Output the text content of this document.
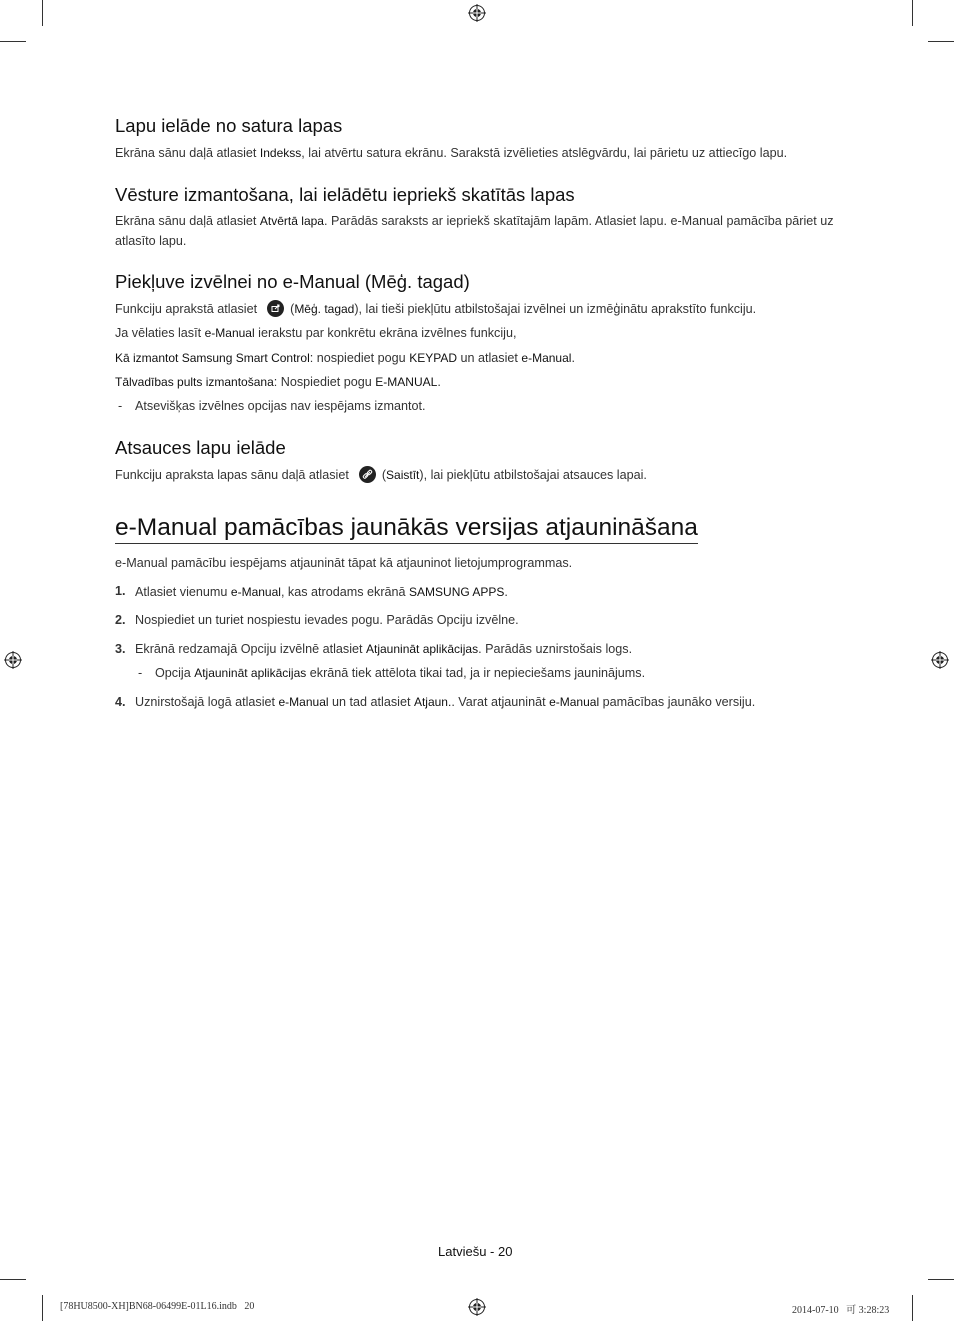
Lapu ielāde no satura lapas
Ekrāna sānu daļā atlasiet Indekss, lai atvērtu satura ekrānu. Sarakstā izvēlieties atslēgvārdu, lai pārietu uz attiecīgo lapu.
Vēsture izmantošana, lai ielādētu iepriekš skatītās lapas
Ekrāna sānu daļā atlasiet Atvērtā lapa. Parādās saraksts ar iepriekš skatītajām lapām. Atlasiet lapu. e-Manual pamācība pāriet uz atlasīto lapu.
Piekļuve izvēlnei no e-Manual (Mēģ. tagad)
Funkciju aprakstā atlasiet	(Mēģ. tagad), lai tieši piekļūtu atbilstošajai izvēlnei un izmēģinātu aprakstīto funkciju.
Ja vēlaties lasīt e-Manual ierakstu par konkrētu ekrāna izvēlnes funkciju,
Kā izmantot Samsung Smart Control: nospiediet pogu KEYPAD un atlasiet e-Manual.
Tālvadības pults izmantošana: Nospiediet pogu E-MANUAL.
- Atsevišķas izvēlnes opcijas nav iespējams izmantot.
Atsauces lapu ielāde
Funkciju apraksta lapas sānu daļā atlasiet	(Saistīt), lai piekļūtu atbilstošajai atsauces lapai.
e-Manual pamācības jaunākās versijas atjaunināšana
e-Manual pamācību iespējams atjaunināt tāpat kā atjauninot lietojumprogrammas.
1. Atlasiet vienumu e-Manual, kas atrodams ekrānā SAMSUNG APPS.
2. Nospiediet un turiet nospiestu ievades pogu. Parādās Opciju izvēlne.
3. Ekrānā redzamajā Opciju izvēlnē atlasiet Atjaunināt aplikācijas. Parādās uznirstošais logs.
- Opcija Atjaunināt aplikācijas ekrānā tiek attēlota tikai tad, ja ir nepieciešams jauninājums.
4. Uznirstošajā logā atlasiet e-Manual un tad atlasiet Atjaun.. Varat atjaunināt e-Manual pamācības jaunāko versiju.
Latviešu - 20
[78HU8500-XH]BN68-06499E-01L16.indb   20	2014-07-10   可 3:28:23
